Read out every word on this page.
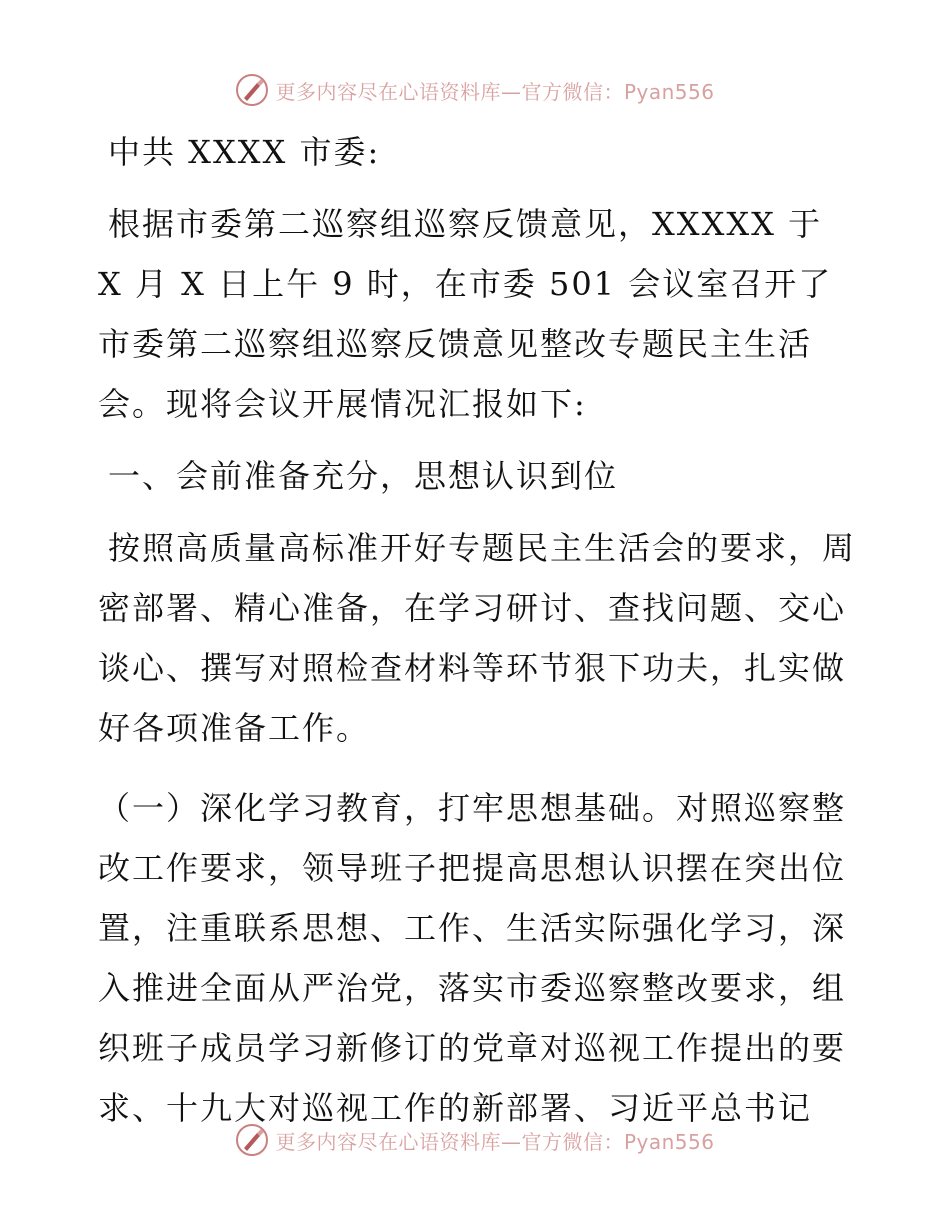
更多内容尽在心语资料库—官方微信：Pyan556

中共 XXXX 市委:

根据市委第二巡察组巡察反馈意见，XXXXX 于 X 月 X 日上午 9 时，在市委 501 会议室召开了市委第二巡察组巡察反馈意见整改专题民主生活会。现将会议开展情况汇报如下:

一、会前准备充分，思想认识到位

按照高质量高标准开好专题民主生活会的要求，周密部署、精心准备，在学习研讨、查找问题、交心谈心、撰写对照检查材料等环节狠下功夫，扎实做好各项准备工作。

（一）深化学习教育，打牢思想基础。对照巡察整改工作要求，领导班子把提高思想认识摆在突出位置，注重联系思想、工作、生活实际强化学习，深入推进全面从严治党，落实市委巡察整改要求，组织班子成员学习新修订的党章对巡视工作提出的要求、十九大对巡视工作的新部署、习近平总书记

更多内容尽在心语资料库—官方微信：Pyan556
